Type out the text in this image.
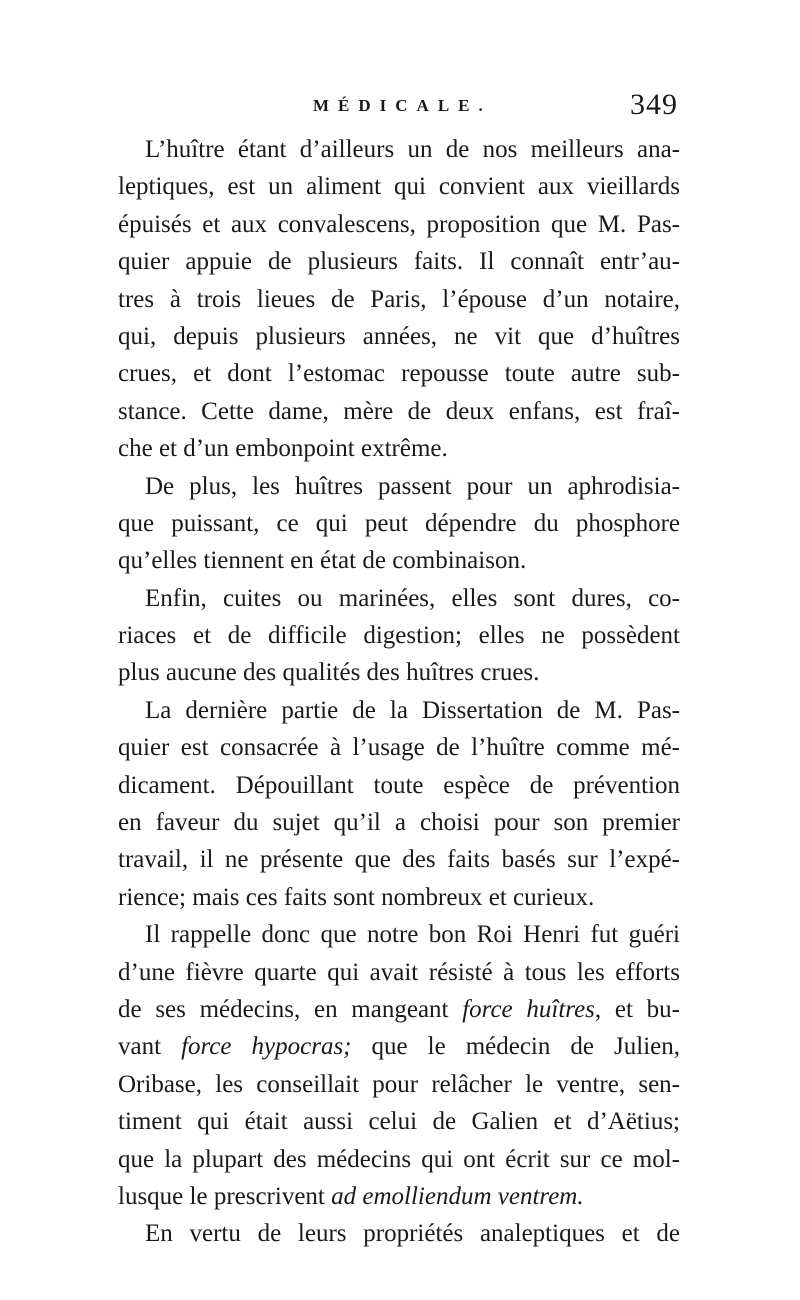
MÉDICALE.	349
L’huître étant d’ailleurs un de nos meilleurs ana-
leptiques, est un aliment qui convient aux vieillards
épuisés et aux convalescens, proposition que M. Pas-
quier appuie de plusieurs faits. Il connaît entr’au-
tres à trois lieues de Paris, l’épouse d’un notaire,
qui, depuis plusieurs années, ne vit que d’huîtres
crues, et dont l’estomac repousse toute autre sub-
stance. Cette dame, mère de deux enfans, est fraî-
che et d’un embonpoint extrême.
De plus, les huîtres passent pour un aphrodisia-
que puissant, ce qui peut dépendre du phosphore
qu’elles tiennent en état de combinaison.
Enfin, cuites ou marinées, elles sont dures, co-
riaces et de difficile digestion; elles ne possèdent
plus aucune des qualités des huîtres crues.
La dernière partie de la Dissertation de M. Pas-
quier est consacrée à l’usage de l’huître comme mé-
dicament. Dépouillant toute espèce de prévention
en faveur du sujet qu’il a choisi pour son premier
travail, il ne présente que des faits basés sur l’expé-
rience; mais ces faits sont nombreux et curieux.
Il rappelle donc que notre bon Roi Henri fut guéri
d’une fièvre quarte qui avait résisté à tous les efforts
de ses médecins, en mangeant force huîtres, et bu-
vant force hypocras; que le médecin de Julien,
Oribase, les conseillait pour relâcher le ventre, sen-
timent qui était aussi celui de Galien et d’Aëtius;
que la plupart des médecins qui ont écrit sur ce mol-
lusque le prescrivent ad emolliendum ventrem.
En vertu de leurs propriétés analeptiques et de
